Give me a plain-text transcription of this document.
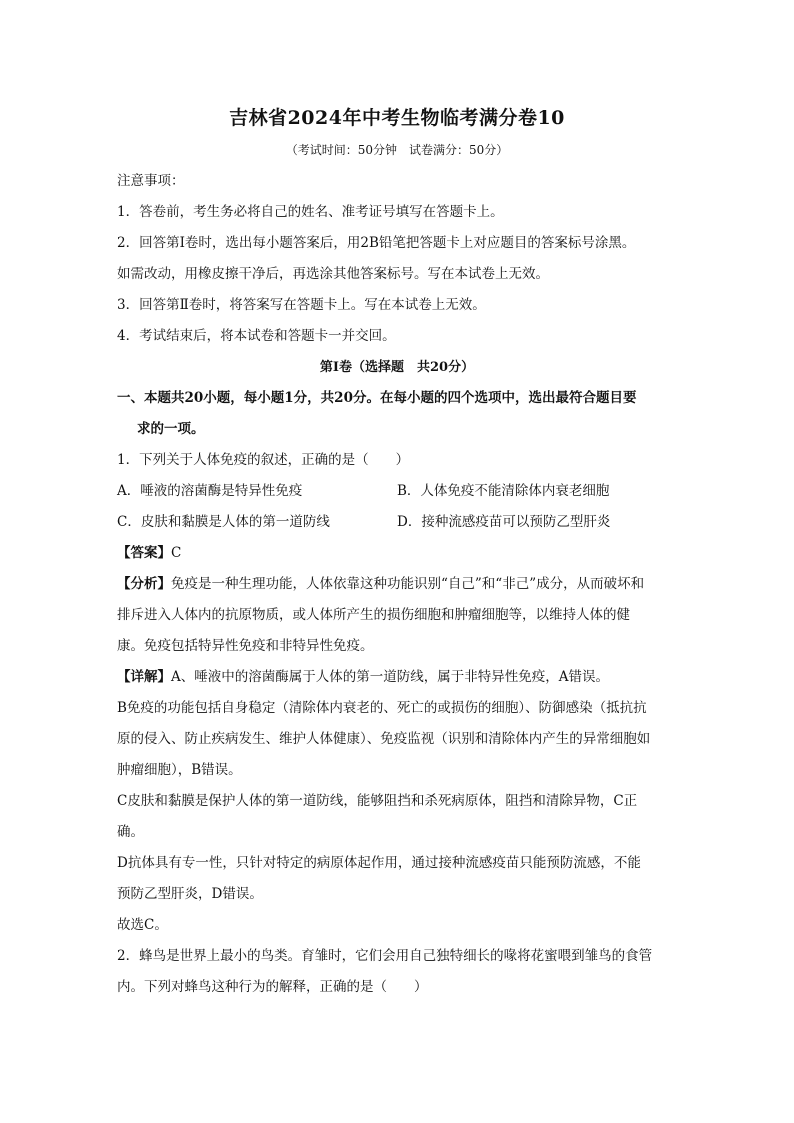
吉林省2024年中考生物临考满分卷10

（考试时间：50分钟　试卷满分：50分）

注意事项：

1．答卷前，考生务必将自己的姓名、准考证号填写在答题卡上。

2．回答第Ⅰ卷时，选出每小题答案后，用2B铅笔把答题卡上对应题目的答案标号涂黑。

如需改动，用橡皮擦干净后，再选涂其他答案标号。写在本试卷上无效。

3．回答第Ⅱ卷时，将答案写在答题卡上。写在本试卷上无效。

4．考试结束后，将本试卷和答题卡一并交回。

第Ⅰ卷（选择题　共20分）

一、本题共20小题，每小题1分，共20分。在每小题的四个选项中，选出最符合题目要

求的一项。

1．下列关于人体免疫的叙述，正确的是（　　）

A．唾液的溶菌酶是特异性免疫	B．人体免疫不能清除体内衰老细胞
C．皮肤和黏膜是人体的第一道防线	D．接种流感疫苗可以预防乙型肝炎

【答案】C

【分析】免疫是一种生理功能，人体依靠这种功能识别“自己”和“非己”成分，从而破坏和

排斥进入人体内的抗原物质，或人体所产生的损伤细胞和肿瘤细胞等，以维持人体的健

康。免疫包括特异性免疫和非特异性免疫。

【详解】A、唾液中的溶菌酶属于人体的第一道防线，属于非特异性免疫，A错误。

B免疫的功能包括自身稳定（清除体内衰老的、死亡的或损伤的细胞）、防御感染（抵抗抗

原的侵入、防止疾病发生、维护人体健康）、免疫监视（识别和清除体内产生的异常细胞如

肿瘤细胞），B错误。

C皮肤和黏膜是保护人体的第一道防线，能够阻挡和杀死病原体，阻挡和清除异物，C正

确。

D抗体具有专一性，只针对特定的病原体起作用，通过接种流感疫苗只能预防流感，不能

预防乙型肝炎，D错误。

故选C。

2．蜂鸟是世界上最小的鸟类。育雏时，它们会用自己独特细长的喙将花蜜喂到雏鸟的食管

内。下列对蜂鸟这种行为的解释，正确的是（　　）
